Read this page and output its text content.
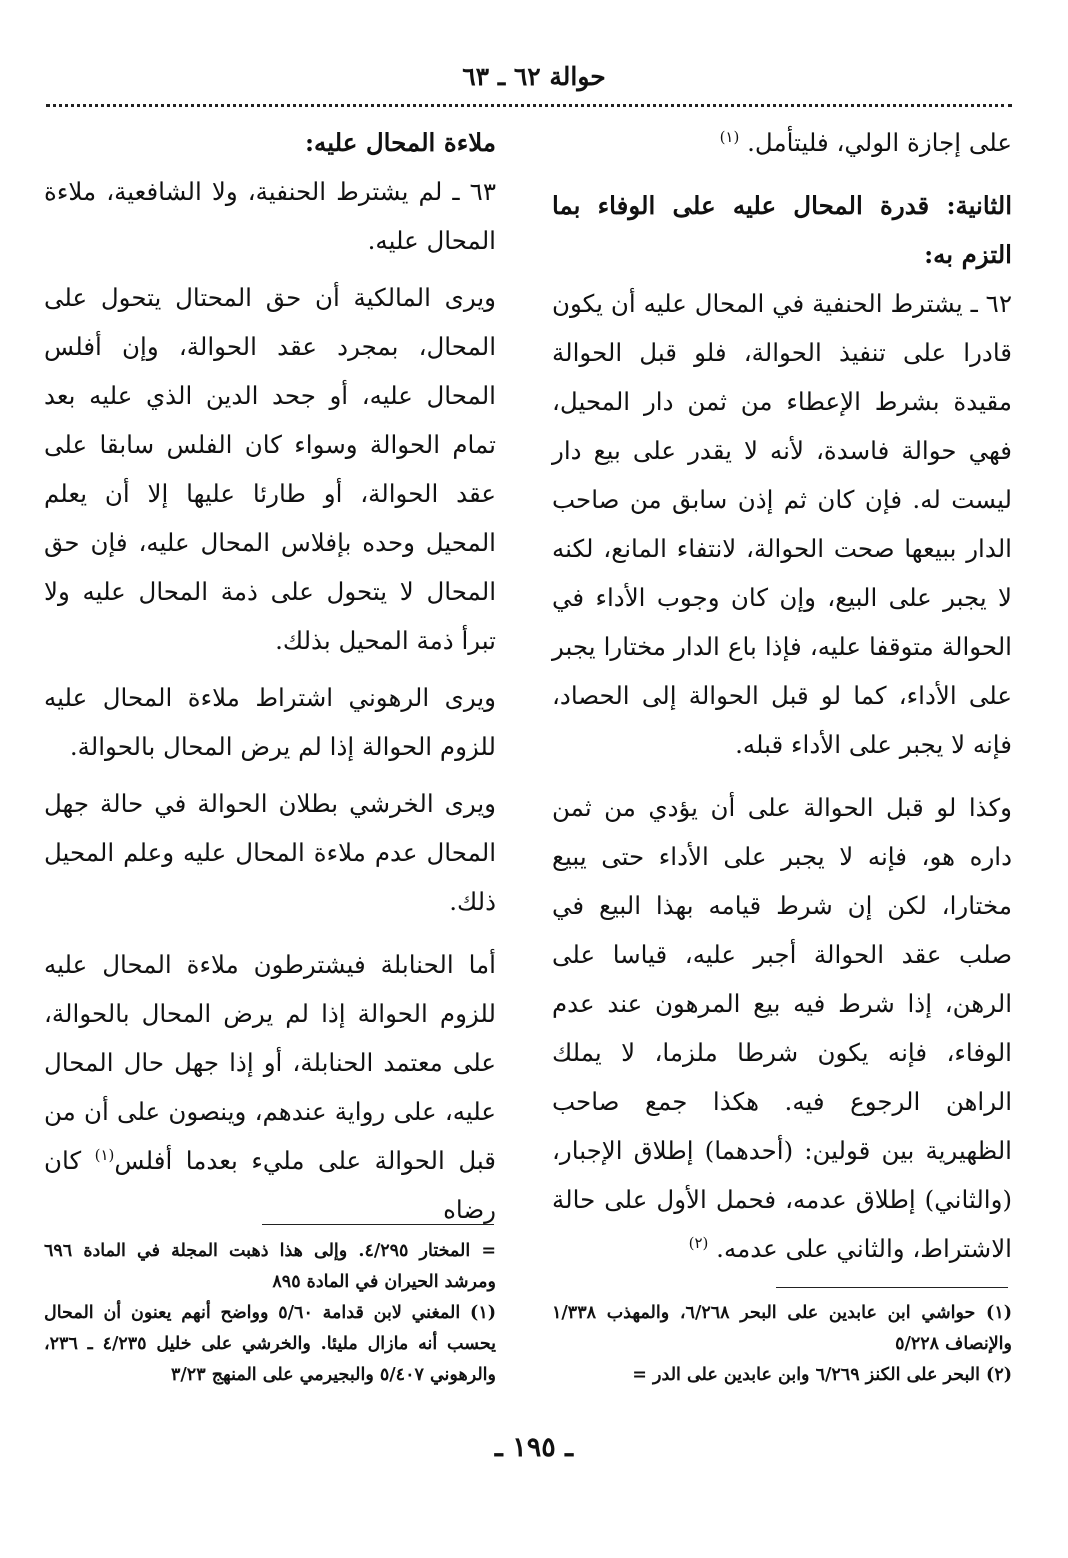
حوالة ٦٢ ـ ٦٣

على إجازة الولي، فليتأمل. $^{(١)}$

الثانية: قدرة المحال عليه على الوفاء بما التزم به:

٦٢ ـ يشترط الحنفية في المحال عليه أن يكون قادرا على تنفيذ الحوالة، فلو قبل الحوالة مقيدة بشرط الإعطاء من ثمن دار المحيل، فهي حوالة فاسدة، لأنه لا يقدر على بيع دار ليست له. فإن كان ثم إذن سابق من صاحب الدار ببيعها صحت الحوالة، لانتفاء المانع، لكنه لا يجبر على البيع، وإن كان وجوب الأداء في الحوالة متوقفا عليه، فإذا باع الدار مختارا يجبر على الأداء، كما لو قبل الحوالة إلى الحصاد، فإنه لا يجبر على الأداء قبله.

وكذا لو قبل الحوالة على أن يؤدي من ثمن داره هو، فإنه لا يجبر على الأداء حتى يبيع مختارا، لكن إن شرط قيامه بهذا البيع في صلب عقد الحوالة أجبر عليه، قياسا على الرهن، إذا شرط فيه بيع المرهون عند عدم الوفاء، فإنه يكون شرطا ملزما، لا يملك الراهن الرجوع فيه. هكذا جمع صاحب الظهيرية بين قولين: (أحدهما) إطلاق الإجبار، (والثاني) إطلاق عدمه، فحمل الأول على حالة الاشتراط، والثاني على عدمه. $^{(٢)}$

ملاءة المحال عليه:

٦٣ ـ لم يشترط الحنفية، ولا الشافعية، ملاءة المحال عليه.

ويرى المالكية أن حق المحتال يتحول على المحال، بمجرد عقد الحوالة، وإن أفلس المحال عليه، أو جحد الدين الذي عليه بعد تمام الحوالة وسواء كان الفلس سابقا على عقد الحوالة، أو طارئا عليها إلا أن يعلم المحيل وحده بإفلاس المحال عليه، فإن حق المحال لا يتحول على ذمة المحال عليه ولا تبرأ ذمة المحيل بذلك.

ويرى الرهوني اشتراط ملاءة المحال عليه للزوم الحوالة إذا لم يرض المحال بالحوالة.

ويرى الخرشي بطلان الحوالة في حالة جهل المحال عدم ملاءة المحال عليه وعلم المحيل ذلك.

أما الحنابلة فيشترطون ملاءة المحال عليه للزوم الحوالة إذا لم يرض المحال بالحوالة، على معتمد الحنابلة، أو إذا جهل حال المحال عليه، على رواية عندهم، وينصون على أن من قبل الحوالة على مليء بعدما أفلس$^{(١)}$ كان رضاه

(١) حواشي ابن عابدين على البحر ٦/٢٦٨، والمهذب ١/٣٣٨ والإنصاف ٥/٢٢٨

(٢) البحر على الكنز ٦/٢٦٩ وابن عابدين على الدر =

= المختار ٤/٢٩٥. وإلى هذا ذهبت المجلة في المادة ٦٩٦ ومرشد الحيران في المادة ٨٩٥

(١) المغني لابن قدامة ٥/٦٠ وواضح أنهم يعنون أن المحال يحسب أنه مازال مليئا. والخرشي على خليل ٤/٢٣٥ ـ ٢٣٦، والرهوني ٥/٤٠٧ والبجيرمي على المنهج ٣/٢٣

ـ ١٩٥ ـ
